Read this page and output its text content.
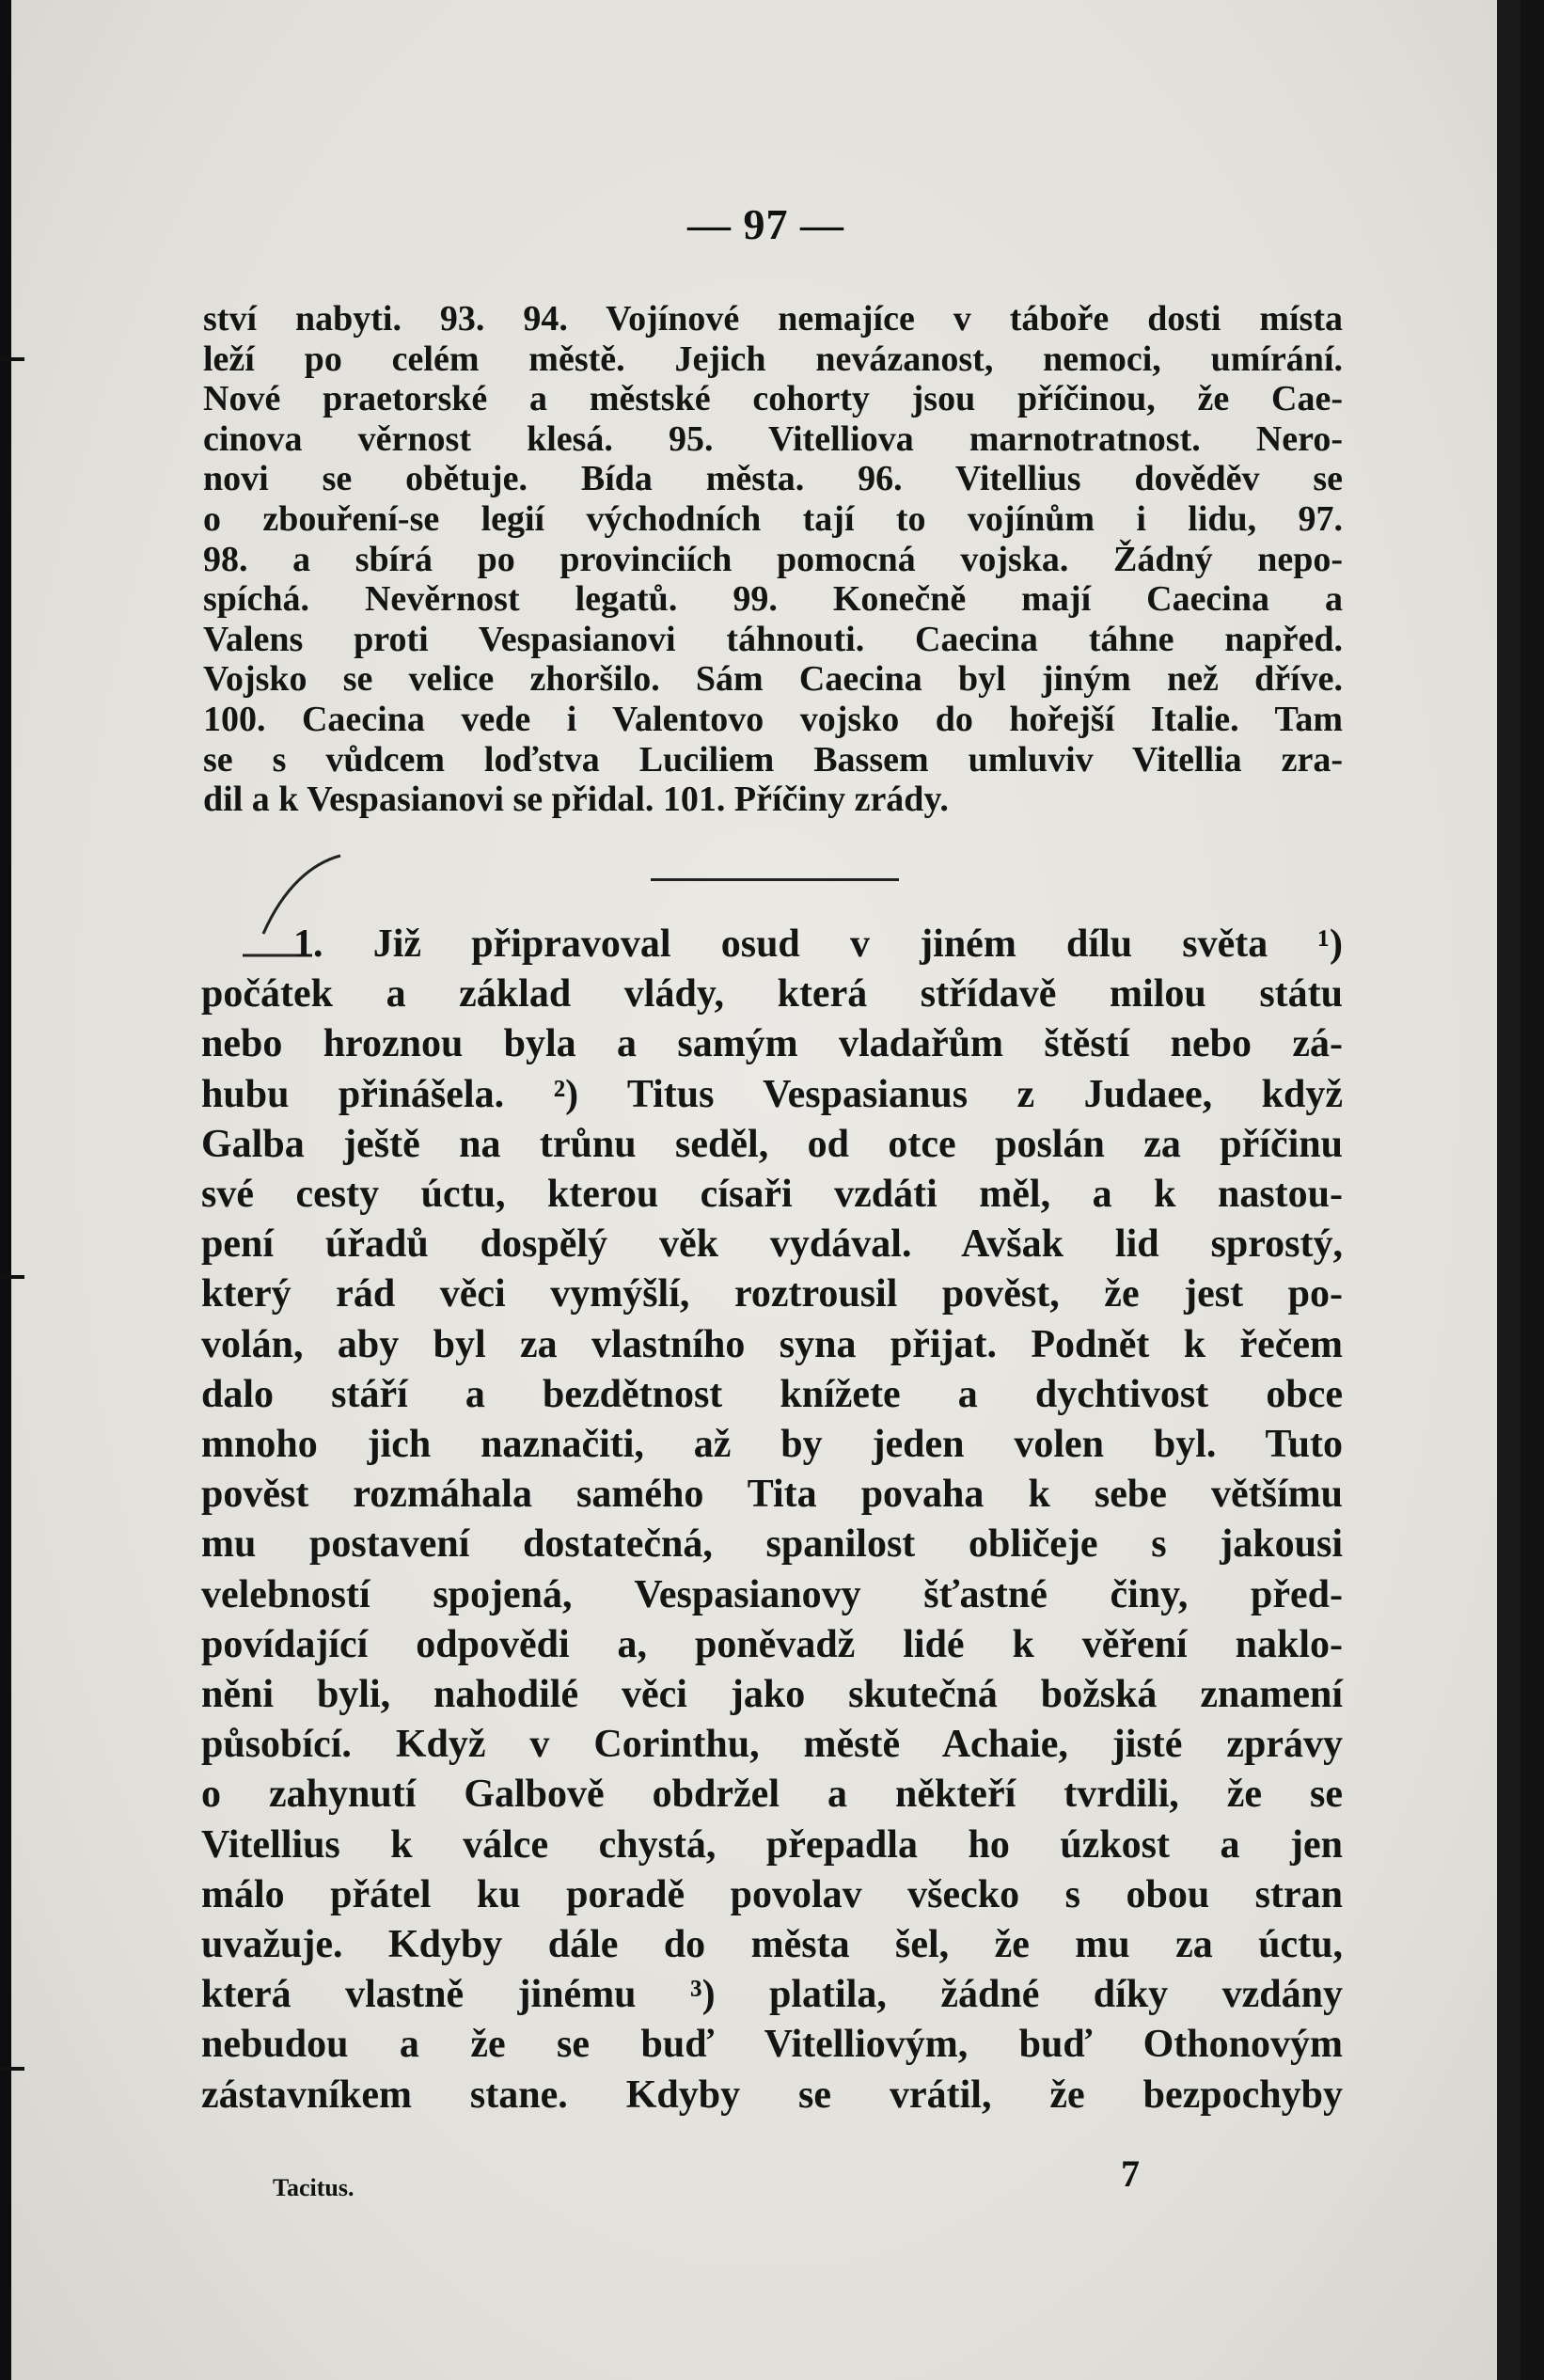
— 97 —
ství nabyti. 93. 94. Vojínové nemajíce v táboře dosti místa
leží po celém městě. Jejich nevázanost, nemoci, umírání.
Nové praetorské a městské cohorty jsou příčinou, že Cae-
cinova věrnost klesá. 95. Vitelliova marnotratnost. Nero-
novi se obětuje. Bída města. 96. Vitellius dověděv se
o zbouření-se legií východních tají to vojínům i lidu, 97.
98. a sbírá po provinciích pomocná vojska. Žádný nepo-
spíchá. Nevěrnost legatů. 99. Konečně mají Caecina a
Valens proti Vespasianovi táhnouti. Caecina táhne napřed.
Vojsko se velice zhoršilo. Sám Caecina byl jiným než dříve.
100. Caecina vede i Valentovo vojsko do hořejší Italie. Tam
se s vůdcem loďstva Luciliem Bassem umluviv Vitellia zra-
dil a k Vespasianovi se přidal. 101. Příčiny zrády.
1. Již připravoval osud v jiném dílu světa ¹)
počátek a základ vlády, která střídavě milou státu
nebo hroznou byla a samým vladařům štěstí nebo zá-
hubu přinášela. ²) Titus Vespasianus z Judaee, když
Galba ještě na trůnu seděl, od otce poslán za příčinu
své cesty úctu, kterou císaři vzdáti měl, a k nastou-
pení úřadů dospělý věk vydával. Avšak lid sprostý,
který rád věci vymýšlí, roztrousil pověst, že jest po-
volán, aby byl za vlastního syna přijat. Podnět k řečem
dalo stáří a bezdětnost knížete a dychtivost obce
mnoho jich naznačiti, až by jeden volen byl. Tuto
pověst rozmáhala samého Tita povaha k sebe většímu
mu postavení dostatečná, spanilost obličeje s jakousi
velebností spojená, Vespasianovy šťastné činy, před-
povídající odpovědi a, poněvadž lidé k věření naklo-
něni byli, nahodilé věci jako skutečná božská znamení
působící. Když v Corinthu, městě Achaie, jisté zprávy
o zahynutí Galbově obdržel a někteří tvrdili, že se
Vitellius k válce chystá, přepadla ho úzkost a jen
málo přátel ku poradě povolav všecko s obou stran
uvažuje. Kdyby dále do města šel, že mu za úctu,
která vlastně jinému ³) platila, žádné díky vzdány
nebudou a že se buď Vitelliovým, buď Othonovým
zástavníkem stane. Kdyby se vrátil, že bezpochyby
Tacitus.	7
